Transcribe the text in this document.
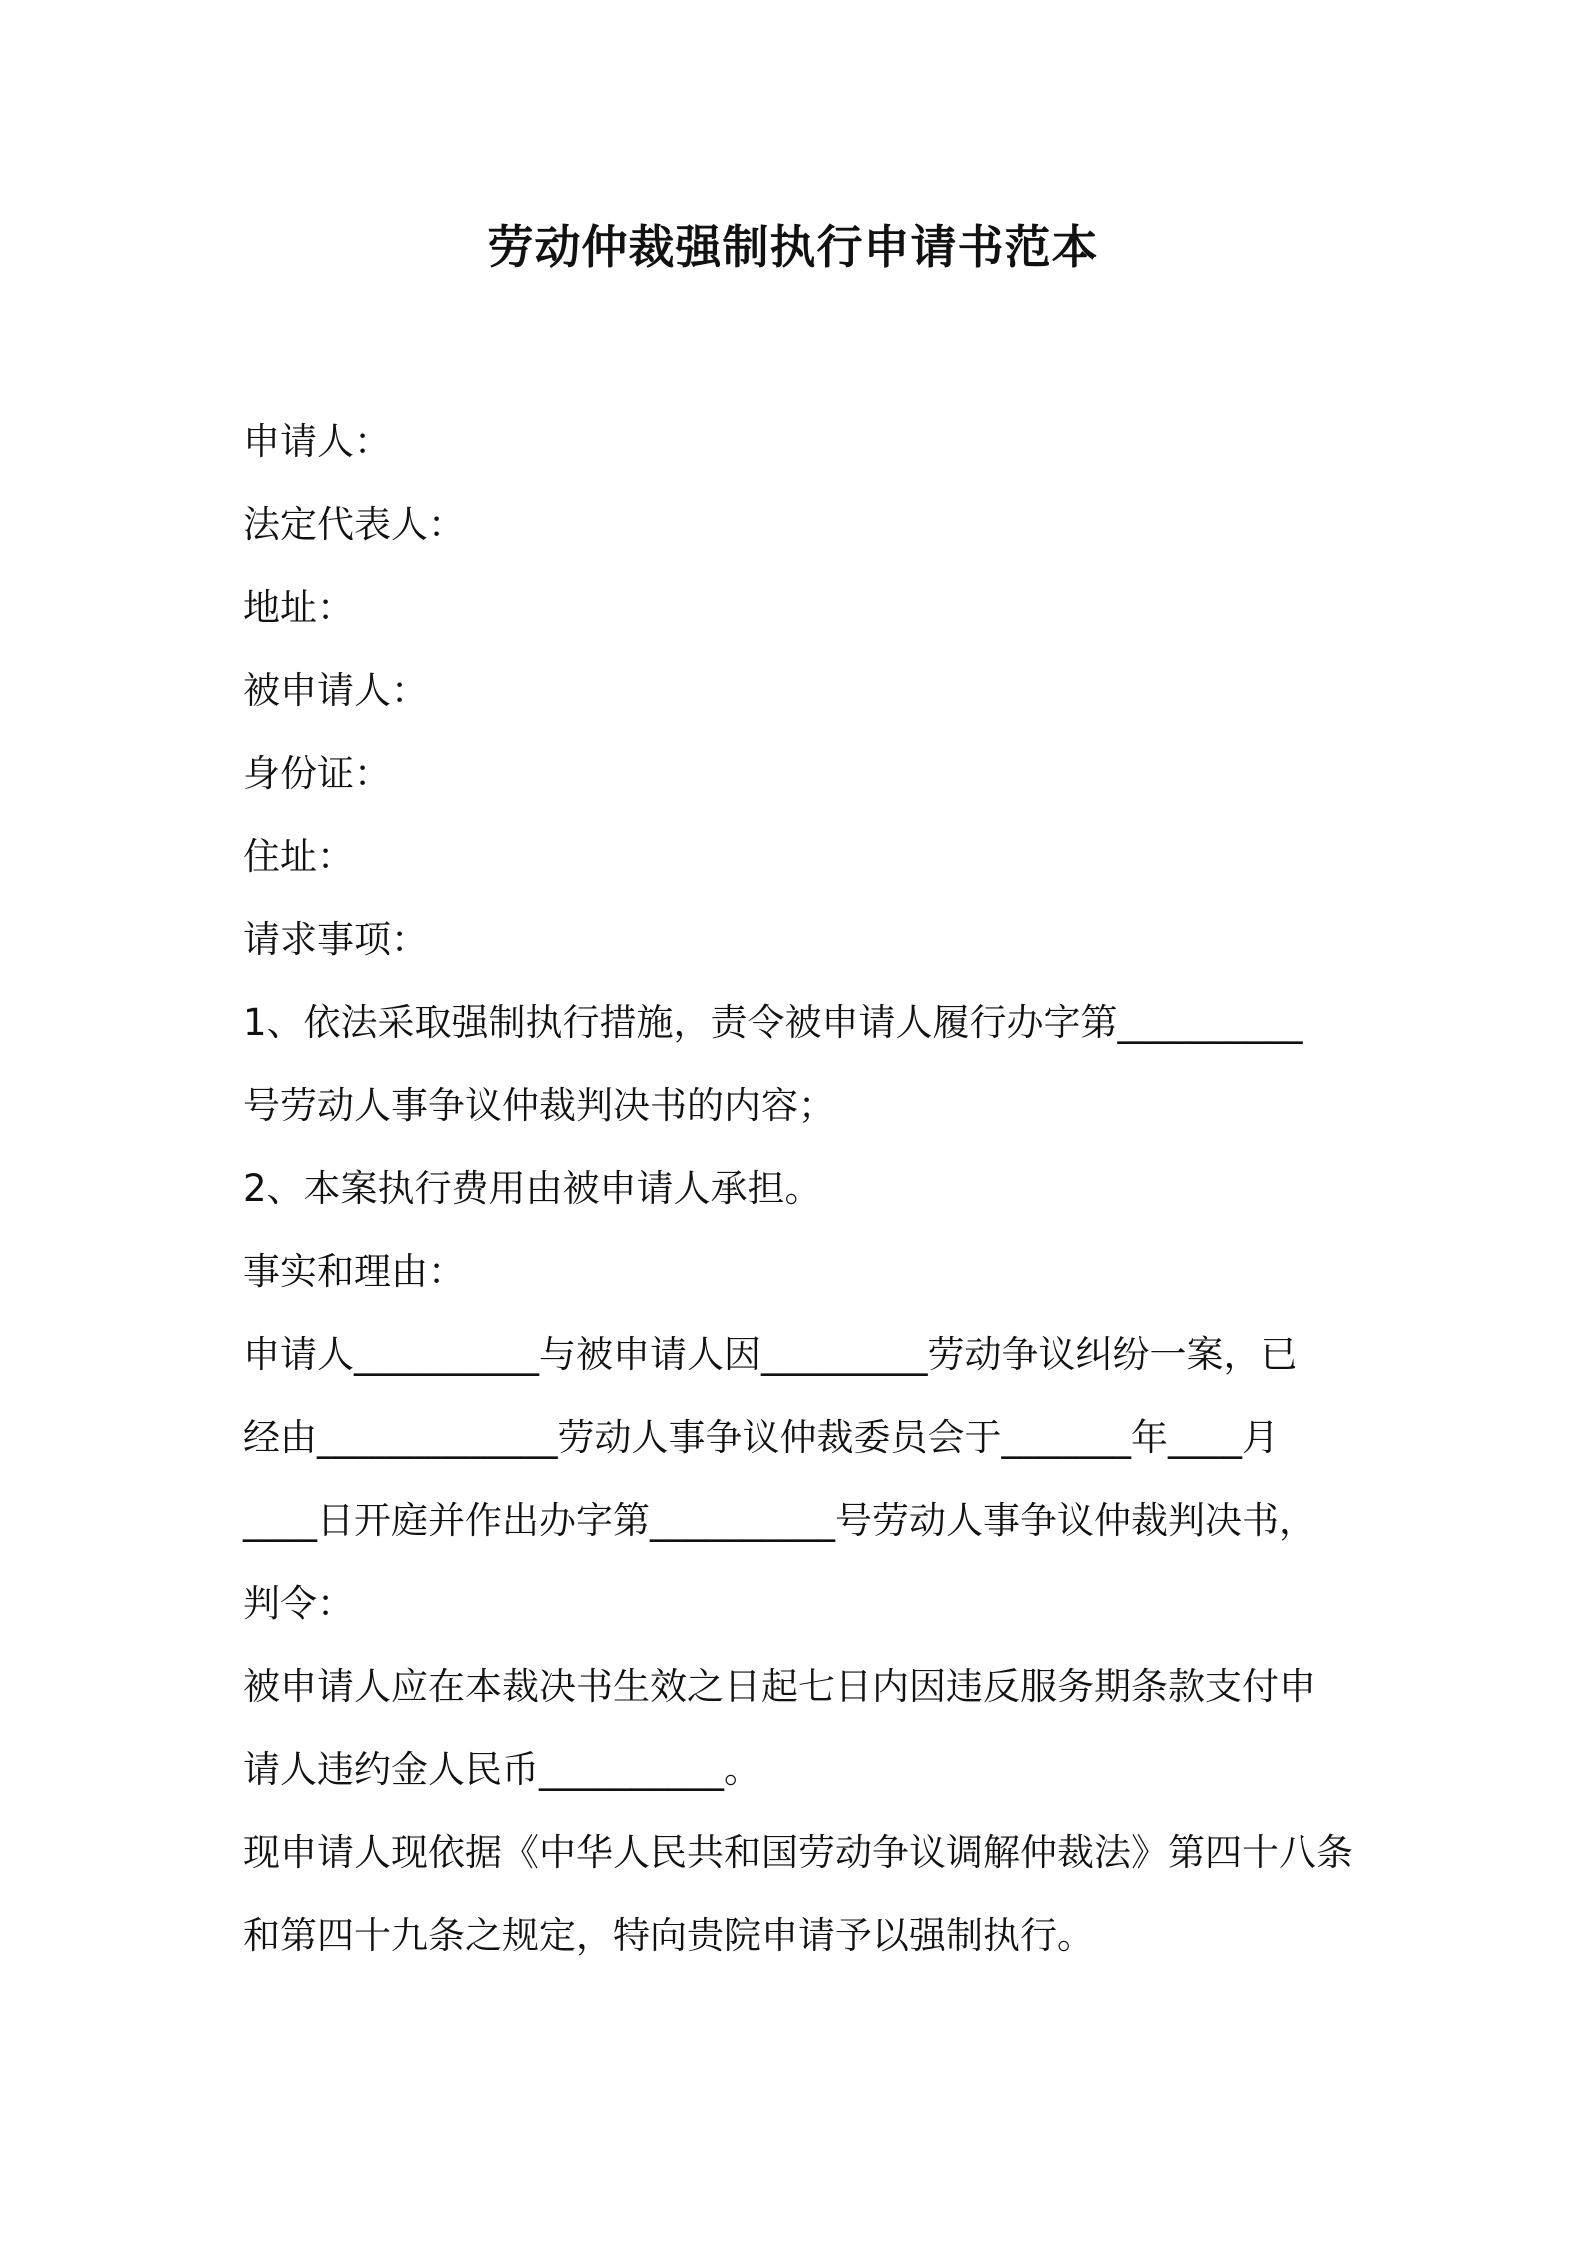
劳动仲裁强制执行申请书范本

申请人：

法定代表人：

地址：

被申请人：

身份证：

住址：

请求事项：

1、依法采取强制执行措施，责令被申请人履行办字第__________

号劳动人事争议仲裁判决书的内容；

2、本案执行费用由被申请人承担。

事实和理由：

申请人__________与被申请人因_________劳动争议纠纷一案，已

经由_____________劳动人事争议仲裁委员会于_______年____月

____日开庭并作出办字第__________号劳动人事争议仲裁判决书，

判令：

被申请人应在本裁决书生效之日起七日内因违反服务期条款支付申

请人违约金人民币__________。

现申请人现依据《中华人民共和国劳动争议调解仲裁法》第四十八条

和第四十九条之规定，特向贵院申请予以强制执行。
